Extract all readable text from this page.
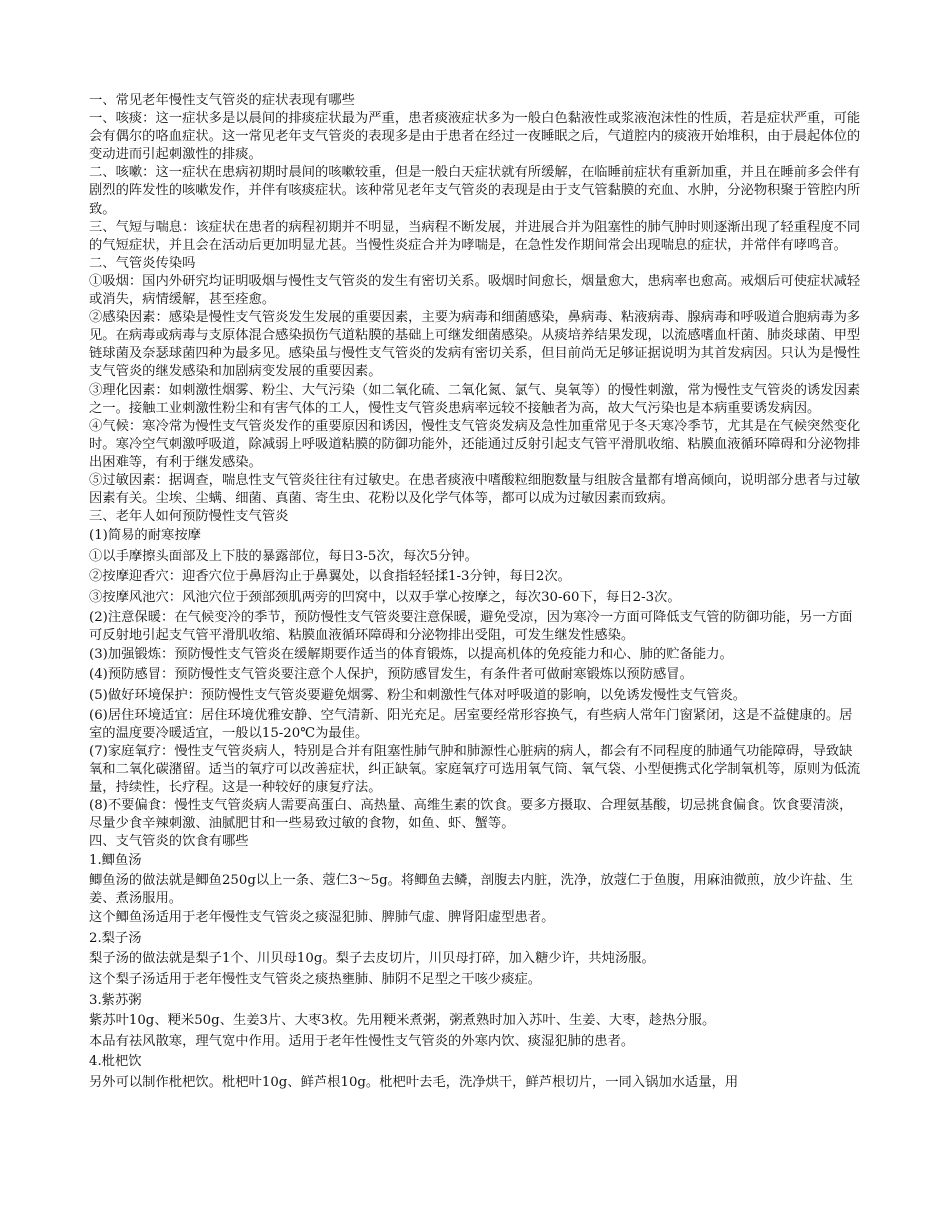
一、常见老年慢性支气管炎的症状表现有哪些

一、咳痰：这一症状多是以晨间的排痰症状最为严重，患者痰液症状多为一般白色黏液性或浆液泡沫性的性质，若是症状严重，可能会有偶尔的咯血症状。这一常见老年支气管炎的表现多是由于患者在经过一夜睡眠之后，气道腔内的痰液开始堆积，由于晨起体位的变动进而引起刺激性的排痰。

二、咳嗽：这一症状在患病初期时晨间的咳嗽较重，但是一般白天症状就有所缓解，在临睡前症状有重新加重，并且在睡前多会伴有剧烈的阵发性的咳嗽发作，并伴有咳痰症状。该种常见老年支气管炎的表现是由于支气管黏膜的充血、水肿，分泌物积聚于管腔内所致。

三、气短与喘息：该症状在患者的病程初期并不明显，当病程不断发展，并进展合并为阻塞性的肺气肿时则逐渐出现了轻重程度不同的气短症状，并且会在活动后更加明显尤甚。当慢性炎症合并为哮喘是，在急性发作期间常会出现喘息的症状，并常伴有哮鸣音。

二、气管炎传染吗

①吸烟：国内外研究均证明吸烟与慢性支气管炎的发生有密切关系。吸烟时间愈长，烟量愈大，患病率也愈高。戒烟后可使症状减轻或消失，病情缓解，甚至痊愈。

②感染因素：感染是慢性支气管炎发生发展的重要因素，主要为病毒和细菌感染，鼻病毒、粘液病毒、腺病毒和呼吸道合胞病毒为多见。在病毒或病毒与支原体混合感染损伤气道粘膜的基础上可继发细菌感染。从痰培养结果发现，以流感嗜血杆菌、肺炎球菌、甲型链球菌及奈瑟球菌四种为最多见。感染虽与慢性支气管炎的发病有密切关系，但目前尚无足够证据说明为其首发病因。只认为是慢性支气管炎的继发感染和加剧病变发展的重要因素。

③理化因素：如刺激性烟雾、粉尘、大气污染（如二氧化硫、二氧化氮、氯气、臭氧等）的慢性刺激，常为慢性支气管炎的诱发因素之一。接触工业刺激性粉尘和有害气体的工人，慢性支气管炎患病率远较不接触者为高，故大气污染也是本病重要诱发病因。

④气候：寒冷常为慢性支气管炎发作的重要原因和诱因，慢性支气管炎发病及急性加重常见于冬天寒冷季节，尤其是在气候突然变化时。寒冷空气刺激呼吸道，除减弱上呼吸道粘膜的防御功能外，还能通过反射引起支气管平滑肌收缩、粘膜血液循环障碍和分泌物排出困难等，有利于继发感染。

⑤过敏因素：据调查，喘息性支气管炎往往有过敏史。在患者痰液中嗜酸粒细胞数量与组胺含量都有增高倾向，说明部分患者与过敏因素有关。尘埃、尘螨、细菌、真菌、寄生虫、花粉以及化学气体等，都可以成为过敏因素而致病。

三、老年人如何预防慢性支气管炎

(1)简易的耐寒按摩

①以手摩擦头面部及上下肢的暴露部位，每日3-5次，每次5分钟。

②按摩迎香穴：迎香穴位于鼻唇沟止于鼻翼处，以食指轻轻揉1-3分钟，每日2次。

③按摩风池穴：风池穴位于颈部颈肌两旁的凹窝中，以双手掌心按摩之，每次30-60下，每日2-3次。

(2)注意保暖：在气候变冷的季节，预防慢性支气管炎要注意保暖，避免受凉，因为寒冷一方面可降低支气管的防御功能，另一方面可反射地引起支气管平滑肌收缩、粘膜血液循环障碍和分泌物排出受阻，可发生继发性感染。

(3)加强锻炼：预防慢性支气管炎在缓解期要作适当的体育锻炼，以提高机体的免疫能力和心、肺的贮备能力。

(4)预防感冒：预防慢性支气管炎要注意个人保护，预防感冒发生，有条件者可做耐寒锻炼以预防感冒。

(5)做好环境保护：预防慢性支气管炎要避免烟雾、粉尘和刺激性气体对呼吸道的影响，以免诱发慢性支气管炎。

(6)居住环境适宜：居住环境优雅安静、空气清新、阳光充足。居室要经常形容换气，有些病人常年门窗紧闭，这是不益健康的。居室的温度要冷暖适宜，一般以15-20℃为最佳。

(7)家庭氧疗：慢性支气管炎病人，特别是合并有阻塞性肺气肿和肺源性心脏病的病人，都会有不同程度的肺通气功能障碍，导致缺氧和二氧化碳潴留。适当的氧疗可以改善症状，纠正缺氧。家庭氧疗可选用氧气筒、氧气袋、小型便携式化学制氧机等，原则为低流量，持续性，长疗程。这是一种较好的康复疗法。

(8)不要偏食：慢性支气管炎病人需要高蛋白、高热量、高维生素的饮食。要多方摄取、合理氨基酸，切忌挑食偏食。饮食要清淡，尽量少食辛辣刺激、油腻肥甘和一些易致过敏的食物，如鱼、虾、蟹等。

四、支气管炎的饮食有哪些

1.鲫鱼汤

鲫鱼汤的做法就是鲫鱼250g以上一条、蔻仁3～5g。将鲫鱼去鳞，剖腹去内脏，洗净，放蔻仁于鱼腹，用麻油微煎，放少许盐、生姜、煮汤服用。

这个鲫鱼汤适用于老年慢性支气管炎之痰湿犯肺、脾肺气虚、脾肾阳虚型患者。

2.梨子汤

梨子汤的做法就是梨子1个、川贝母10g。梨子去皮切片，川贝母打碎，加入糖少许，共炖汤服。

这个梨子汤适用于老年慢性支气管炎之痰热壅肺、肺阴不足型之干咳少痰症。

3.紫苏粥

紫苏叶10g、粳米50g、生姜3片、大枣3枚。先用粳米煮粥，粥煮熟时加入苏叶、生姜、大枣，趁热分服。

本品有祛风散寒，理气宽中作用。适用于老年性慢性支气管炎的外寒内饮、痰湿犯肺的患者。

4.枇杷饮

另外可以制作枇杷饮。枇杷叶10g、鲜芦根10g。枇杷叶去毛，洗净烘干，鲜芦根切片，一同入锅加水适量，用
